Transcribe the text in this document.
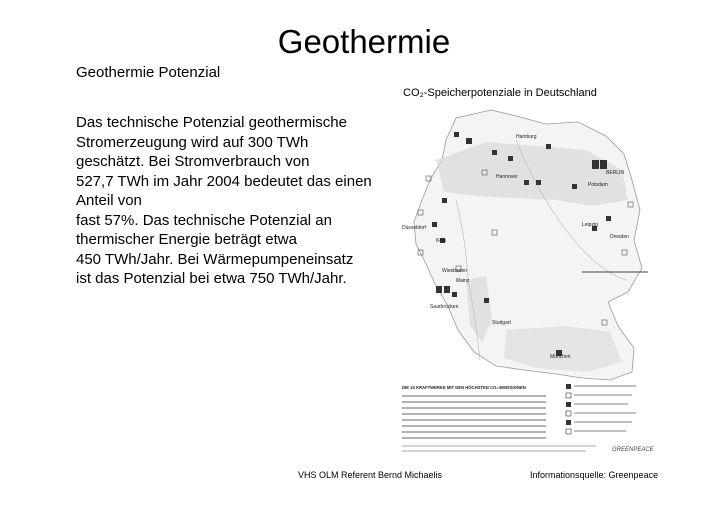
Geothermie
Geothermie Potenzial
Das technische Potenzial geothermische
Stromerzeugung wird auf 300 TWh
geschätzt. Bei Stromverbrauch von
527,7 TWh im Jahr 2004 bedeutet das einen
Anteil von
fast 57%. Das technische Potenzial an
thermischer Energie beträgt etwa
450 TWh/Jahr. Bei Wärmepumpeneinsatz
ist das Potenzial bei etwa 750 TWh/Jahr.
CO₂-Speicherpotenziale in Deutschland
Hamburg
BERLIN
Hannover
Potsdam
Düsseldorf	Leipzig
Dresden
Köln
Wiesbaden
Mainz
Saarbrücken
Stuttgart
München
DIE 10 KRAFTWERKE MIT DEN HÖCHSTEN CO₂-EMISSIONEN
GREENPEACE
VHS OLM Referent Bernd Michaelis	Informationsquelle: Greenpeace
